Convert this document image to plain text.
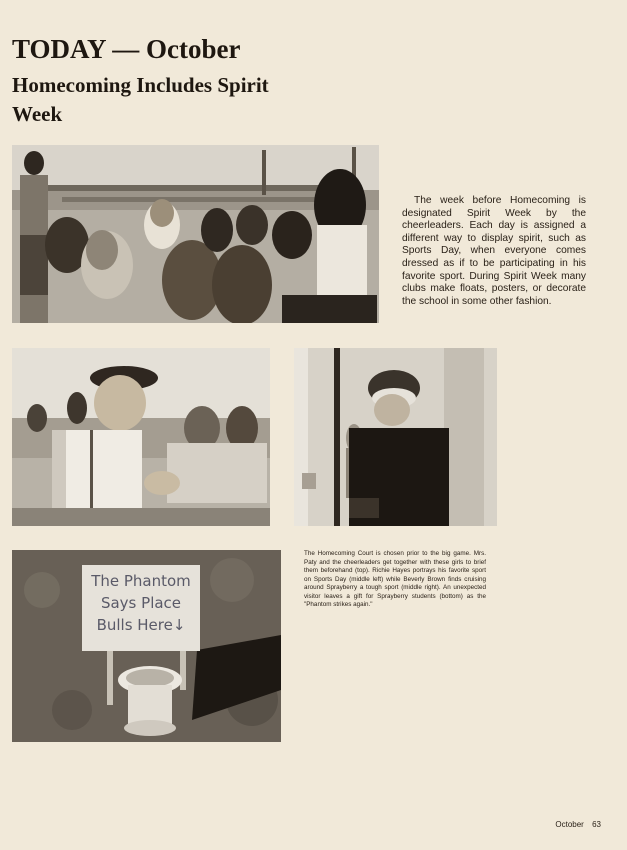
TODAY — October
Homecoming Includes Spirit Week

The week before Homecoming is designated Spirit Week by the cheerleaders. Each day is assigned a different way to display spirit, such as Sports Day, when everyone comes dressed as if to be participating in his favorite sport. During Spirit Week many clubs make floats, posters, or decorate the school in some other fashion.

The Homecoming Court is chosen prior to the big game. Mrs. Paty and the cheerleaders get together with these girls to brief them beforehand (top). Richie Hayes portrays his favorite sport on Sports Day (middle left) while Beverly Brown finds cruising around Sprayberry a tough sport (middle right). An unexpected visitor leaves a gift for Sprayberry students (bottom) as the "Phantom strikes again."

The Phantom
Says Place
Bulls Here↓
October 63
